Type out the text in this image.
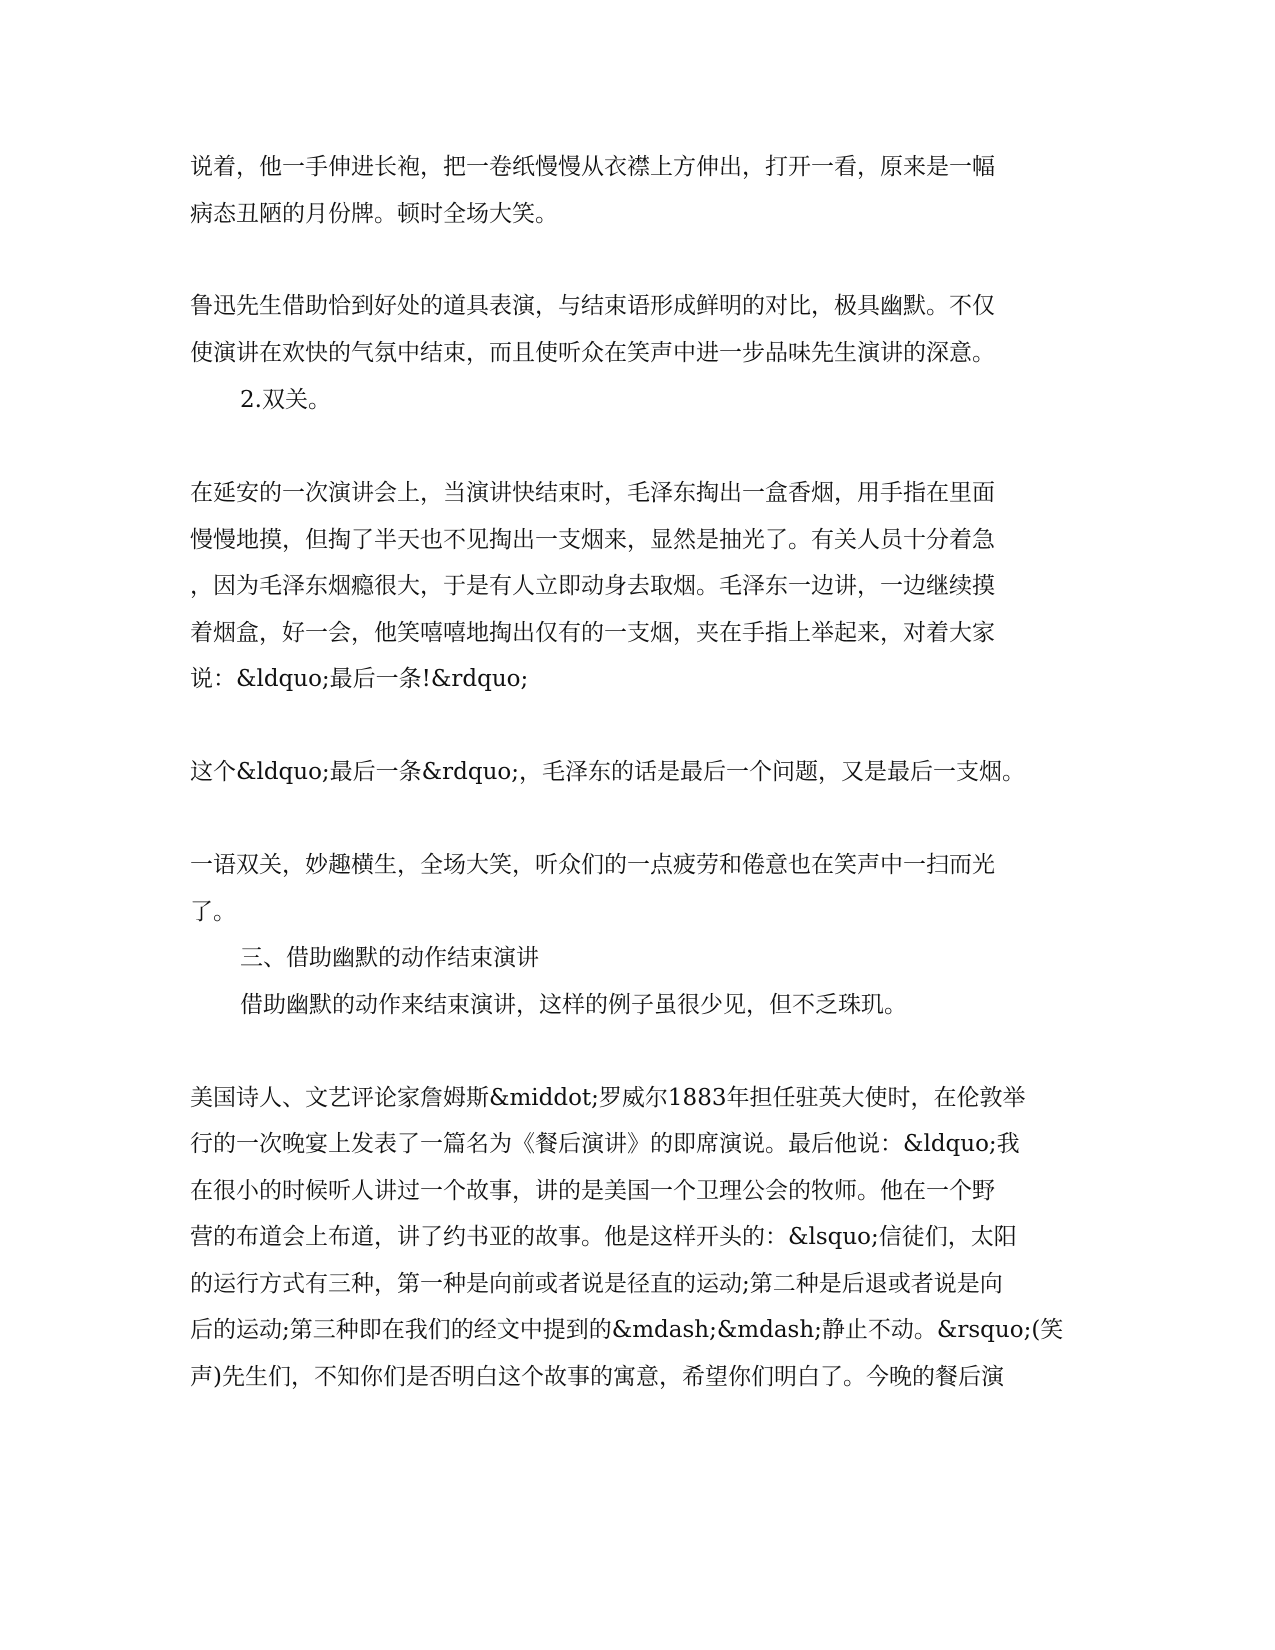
说着，他一手伸进长袍，把一卷纸慢慢从衣襟上方伸出，打开一看，原来是一幅
病态丑陋的月份牌。顿时全场大笑。
鲁迅先生借助恰到好处的道具表演，与结束语形成鲜明的对比，极具幽默。不仅
使演讲在欢快的气氛中结束，而且使听众在笑声中进一步品味先生演讲的深意。
2.双关。
在延安的一次演讲会上，当演讲快结束时，毛泽东掏出一盒香烟，用手指在里面
慢慢地摸，但掏了半天也不见掏出一支烟来，显然是抽光了。有关人员十分着急
，因为毛泽东烟瘾很大，于是有人立即动身去取烟。毛泽东一边讲，一边继续摸
着烟盒，好一会，他笑嘻嘻地掏出仅有的一支烟，夹在手指上举起来，对着大家
说：&ldquo;最后一条!&rdquo;
这个&ldquo;最后一条&rdquo;，毛泽东的话是最后一个问题，又是最后一支烟。
一语双关，妙趣横生，全场大笑，听众们的一点疲劳和倦意也在笑声中一扫而光
了。
三、借助幽默的动作结束演讲
借助幽默的动作来结束演讲，这样的例子虽很少见，但不乏珠玑。
美国诗人、文艺评论家詹姆斯&middot;罗威尔1883年担任驻英大使时，在伦敦举
行的一次晚宴上发表了一篇名为《餐后演讲》的即席演说。最后他说：&ldquo;我
在很小的时候听人讲过一个故事，讲的是美国一个卫理公会的牧师。他在一个野
营的布道会上布道，讲了约书亚的故事。他是这样开头的：&lsquo;信徒们，太阳
的运行方式有三种，第一种是向前或者说是径直的运动;第二种是后退或者说是向
后的运动;第三种即在我们的经文中提到的&mdash;&mdash;静止不动。&rsquo;(笑
声)先生们，不知你们是否明白这个故事的寓意，希望你们明白了。今晚的餐后演
